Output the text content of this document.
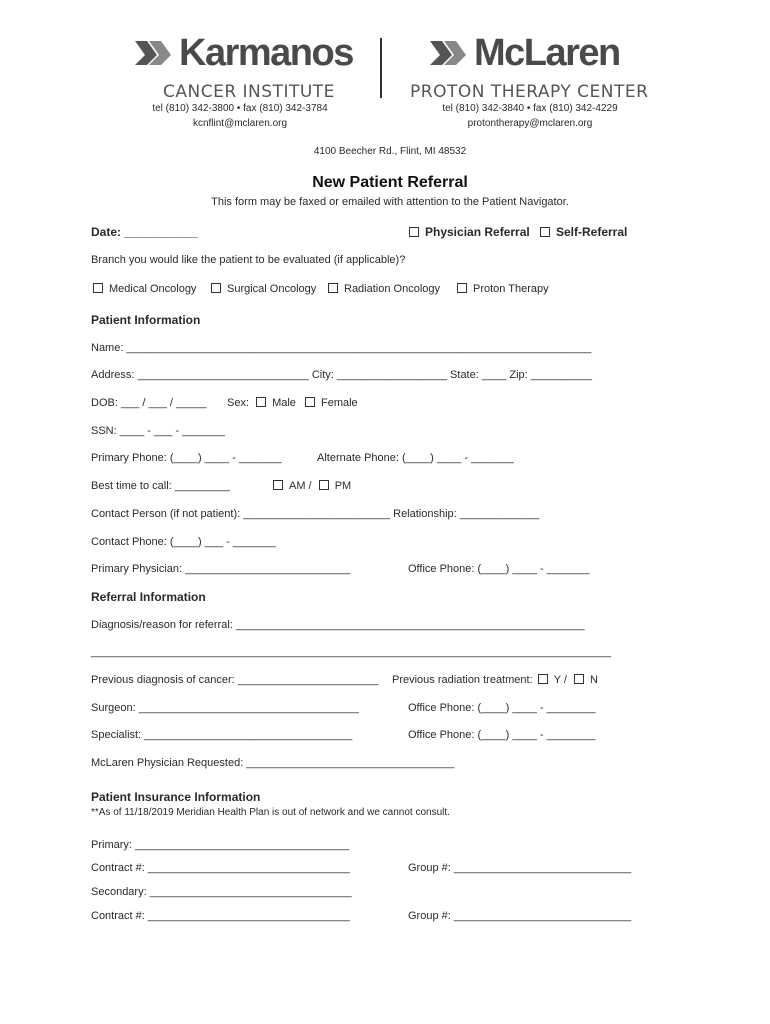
Karmanos
CANCER INSTITUTE
tel (810) 342-3800 • fax (810) 342-3784
kcnflint@mclaren.org
McLaren
PROTON THERAPY CENTER
tel (810) 342-3840 • fax (810) 342-4229
protontherapy@mclaren.org
4100 Beecher Rd., Flint, MI 48532
New Patient Referral
This form may be faxed or emailed with attention to the Patient Navigator.
Date: ___________	Physician Referral	Self-Referral
Branch you would like the patient to be evaluated (if applicable)?
Medical Oncology	Surgical Oncology	Radiation Oncology	Proton Therapy
Patient Information
Name: ____________________________________________________________________________
Address: ____________________________ City: __________________ State: ____ Zip: __________
DOB: ___ / ___ / _____ Sex: Male Female
SSN: ____ - ___ - _______
Primary Phone: (____) ____ - _______	Alternate Phone: (____) ____ - _______
Best time to call: _________	AM / PM
Contact Person (if not patient): ________________________ Relationship: _____________
Contact Phone: (____) ___ - _______
Primary Physician: ___________________________	Office Phone: (____) ____ - _______
Referral Information
Diagnosis/reason for referral: _________________________________________________________
_____________________________________________________________________________________
Previous diagnosis of cancer: _______________________ Previous radiation treatment: Y / N
Surgeon: ____________________________________	Office Phone: (____) ____ - ________
Specialist: __________________________________	Office Phone: (____) ____ - ________
McLaren Physician Requested: __________________________________
Patient Insurance Information
**As of 11/18/2019 Meridian Health Plan is out of network and we cannot consult.
Primary: ___________________________________
Contract #: _________________________________	Group #: _____________________________
Secondary: _________________________________
Contract #: _________________________________	Group #: _____________________________
